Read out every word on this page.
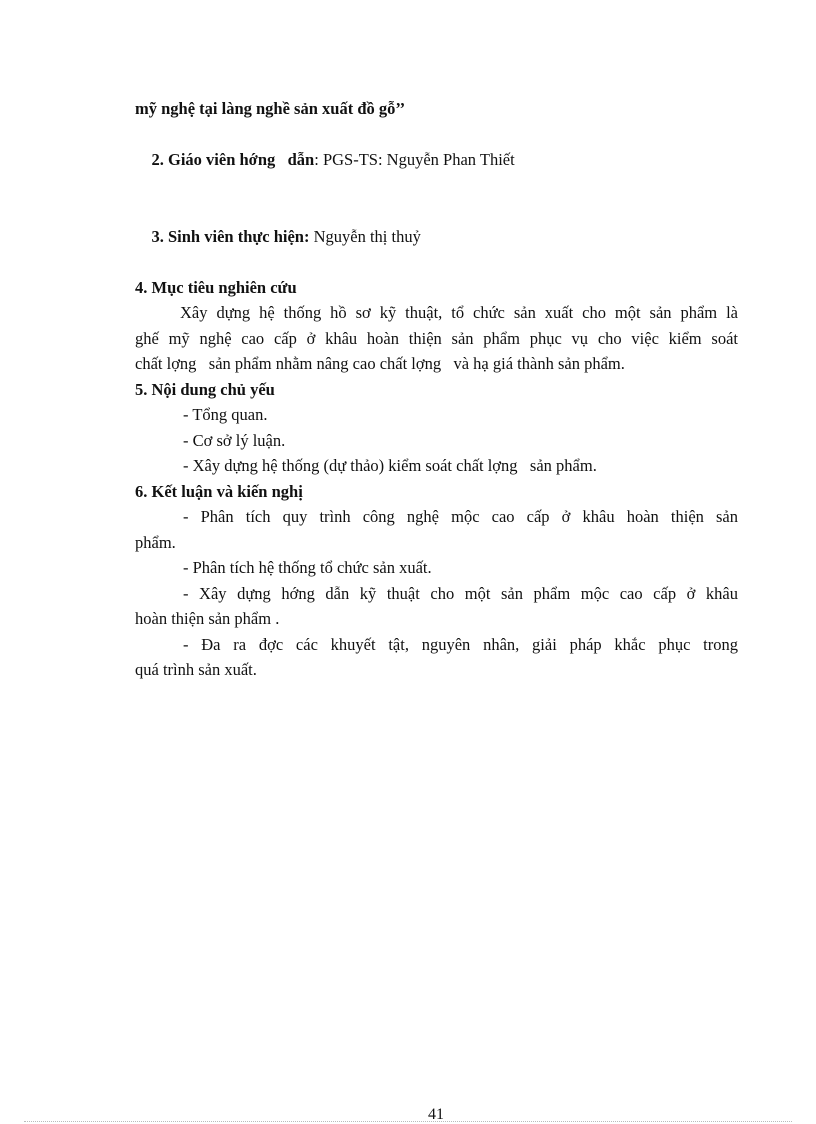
mỹ nghệ tại làng nghề sản xuất đồ gỗ’’

2. Giáo viên hớng   dẫn: PGS-TS: Nguyễn Phan Thiết

3. Sinh viên thực hiện: Nguyễn thị thuỷ

4. Mục tiêu nghiên cứu
Xây dựng hệ thống hồ sơ kỹ thuật, tổ chức sản xuất cho một sản phẩm là
ghế mỹ nghệ cao cấp ở khâu hoàn thiện sản phẩm phục vụ cho việc kiểm soát
chất lợng   sản phẩm nhằm nâng cao chất lợng   và hạ giá thành sản phẩm.
5. Nội dung chủ yếu
- Tổng quan.
- Cơ sở lý luận.
- Xây dựng hệ thống (dự thảo) kiểm soát chất lợng   sản phẩm.
6. Kết luận và kiến nghị
- Phân tích quy trình công nghệ mộc cao cấp ở khâu hoàn thiện sản
phẩm.
- Phân tích hệ thống tổ chức sản xuất.
- Xây dựng hớng dẫn kỹ thuật cho một sản phẩm mộc cao cấp ở khâu
hoàn thiện sản phẩm .
- Đa ra đợc các khuyết tật, nguyên nhân, giải pháp khắc phục trong
quá trình sản xuất.
41
